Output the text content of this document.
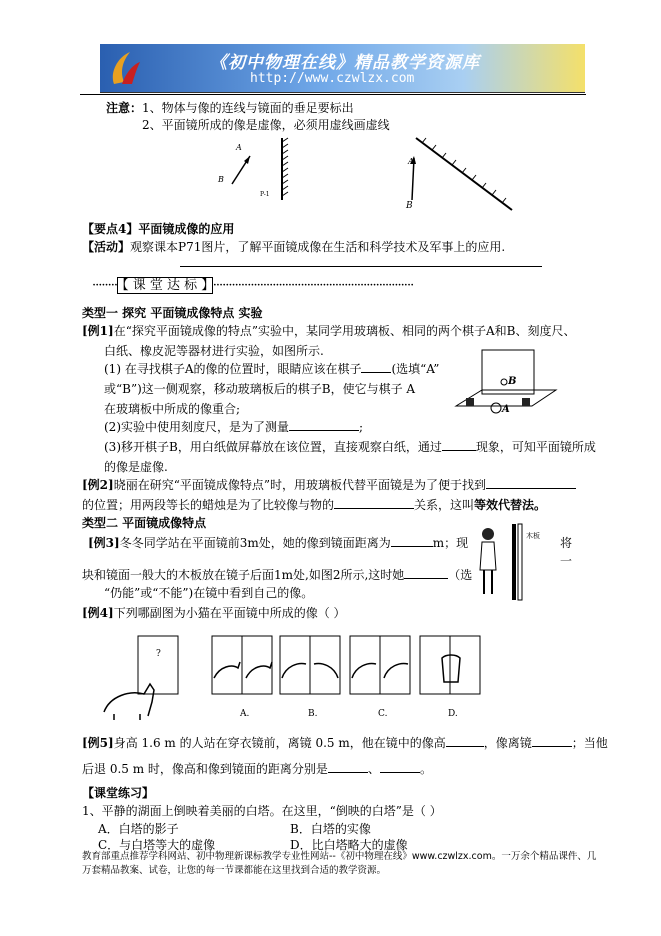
《初中物理在线》精品教学资源库
http://www.czwlzx.com
注意： 1、物体与像的连线与镜面的垂足要标出
2、平面镜所成的像是虚像，必须用虚线画虚线
A
B
P-1
A
B
【要点4】平面镜成像的应用
【活动】观察课本P71图片，了解平面镜成像在生活和科学技术及军事上的应用.
········ 【 课 堂 达 标 】 ································································
类型一 探究 平面镜成像特点 实验
[例1]在“探究平面镜成像的特点”实验中，某同学用玻璃板、相同的两个棋子A和B、刻度尺、
白纸、橡皮泥等器材进行实验，如图所示.
(1) 在寻找棋子A的像的位置时，眼睛应该在棋子	(选填“A”
或“B”)这一侧观察，移动玻璃板后的棋子B，使它与棋子 A
在玻璃板中所成的像重合;
(2)实验中使用刻度尺，是为了测量	;
(3)移开棋子B，用白纸做屏幕放在该位置，直接观察白纸，通过	现象，可知平面镜所成
的像是虚像.
B
A
[例2]晓丽在研究“平面镜成像特点”时，用玻璃板代替平面镜是为了便于找到
的位置；用两段等长的蜡烛是为了比较像与物的	关系，这叫等效代替法。
类型二 平面镜成像特点
[例3]冬冬同学站在平面镜前3m处，她的像到镜面距离为	m；现	将
一
块和镜面一般大的木板放在镜子后面1m处,如图2所示,这时她	（选
“仍能”或“不能”)在镜中看到自己的像。
木板
[例4]下列哪副图为小猫在平面镜中所成的像（ ）
?
A.	B.	C.	D.
[例5]身高 1.6 m 的人站在穿衣镜前，离镜 0.5 m，他在镜中的像高	，像离镜	；当他
后退 0.5 m 时，像高和像到镜面的距离分别是	、	。
【课堂练习】
1、平静的湖面上倒映着美丽的白塔。在这里，“倒映的白塔”是（ ）
A．白塔的影子	B．白塔的实像
C．与白塔等大的虚像	D．比白塔略大的虚像
教育部重点推荐学科网站、初中物理新课标教学专业性网站--《初中物理在线》www.czwlzx.com。一万余个精品课件、几万套精品教案、试卷，让您的每一节课都能在这里找到合适的教学资源。
